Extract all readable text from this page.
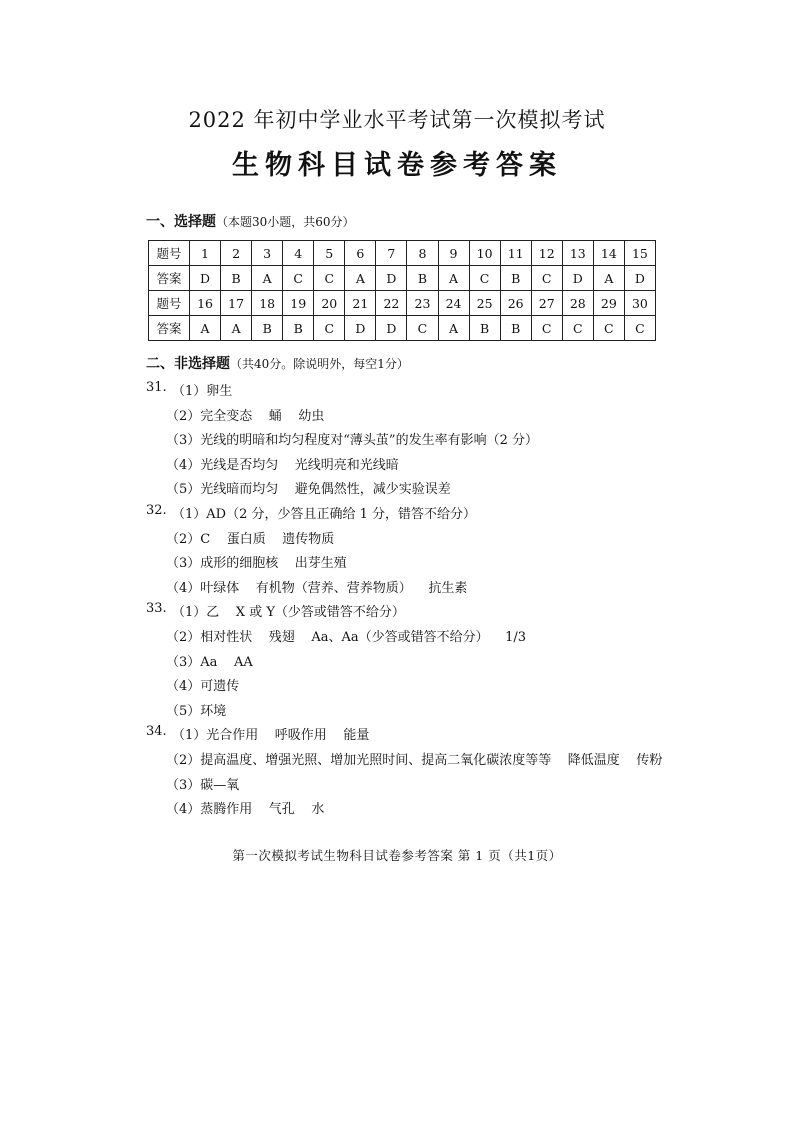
2022 年初中学业水平考试第一次模拟考试
生物科目试卷参考答案
一、选择题（本题30小题，共60分）
题号	1	2	3	4	5	6	7	8	9	10	11	12	13	14	15
答案	D	B	A	C	C	A	D	B	A	C	B	C	D	A	D
题号	16	17	18	19	20	21	22	23	24	25	26	27	28	29	30
答案	A	A	B	B	C	D	D	C	A	B	B	C	C	C	C
二、非选择题（共40分。除说明外，每空1分）
31. （1）卵生
（2）完全变态    蛹    幼虫
（3）光线的明暗和均匀程度对“薄头茧”的发生率有影响（2 分）
（4）光线是否均匀    光线明亮和光线暗
（5）光线暗而均匀    避免偶然性，减少实验误差
32. （1）AD（2 分，少答且正确给 1 分，错答不给分）
（2）C    蛋白质    遗传物质
（3）成形的细胞核    出芽生殖
（4）叶绿体    有机物（营养、营养物质）    抗生素
33. （1）乙    X 或 Y（少答或错答不给分）
（2）相对性状    残翅    Aa、Aa（少答或错答不给分）    1/3
（3）Aa    AA
（4）可遗传
（5）环境
34. （1）光合作用    呼吸作用    能量
（2）提高温度、增强光照、增加光照时间、提高二氧化碳浓度等等    降低温度    传粉
（3）碳—氧
（4）蒸腾作用    气孔    水
第一次模拟考试生物科目试卷参考答案 第 1 页（共1页）
